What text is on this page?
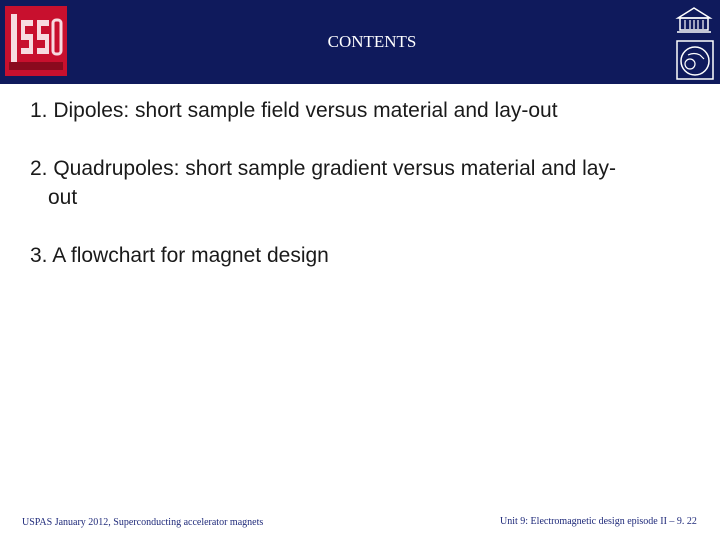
CONTENTS
1. Dipoles: short sample field versus material and lay-out
2. Quadrupoles: short sample gradient versus material and lay-
out
3. A flowchart for magnet design
USPAS January 2012, Superconducting accelerator magnets	Unit 9: Electromagnetic design episode II – 9. 22
